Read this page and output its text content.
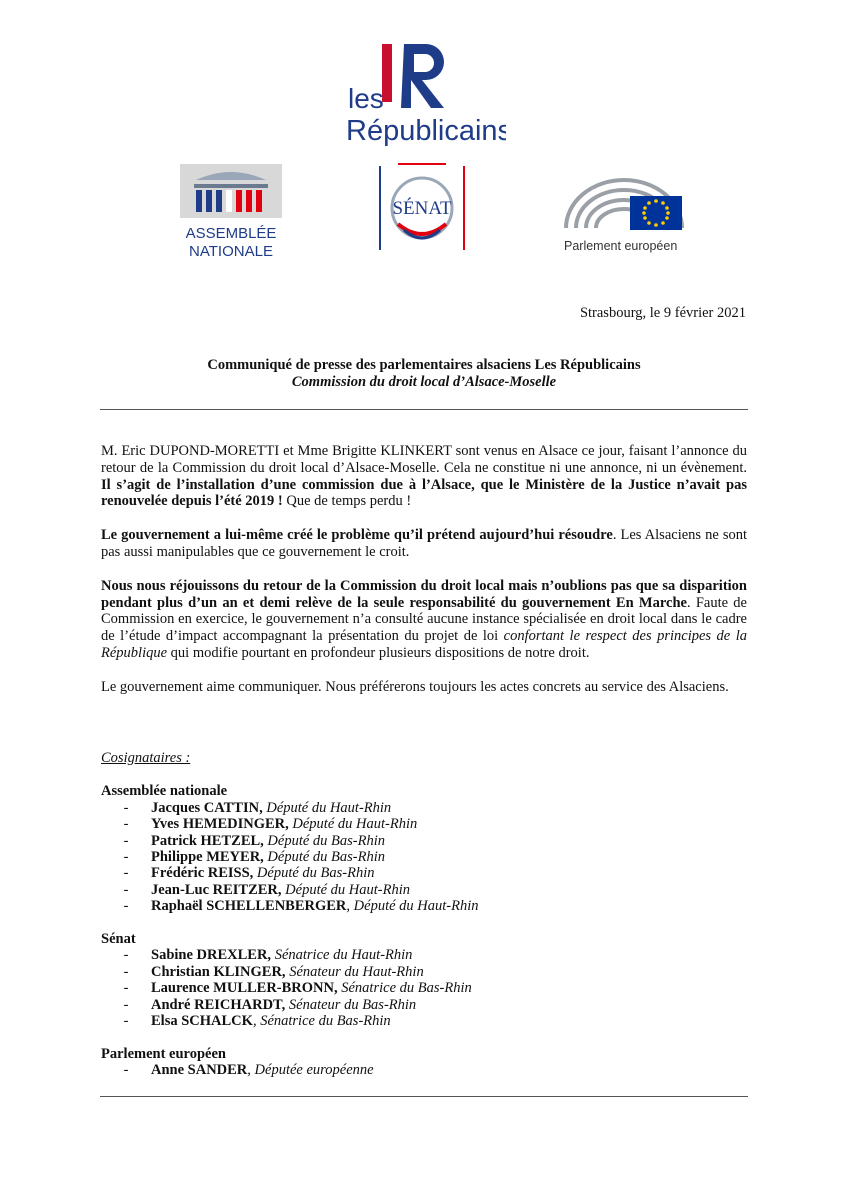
les
Républicains
ASSEMBLÉE
NATIONALE
SÉNAT
Parlement européen
Strasbourg, le 9 février 2021
Communiqué de presse des parlementaires alsaciens Les Républicains
Commission du droit local d’Alsace-Moselle

M. Eric DUPOND-MORETTI et Mme Brigitte KLINKERT sont venus en Alsace ce jour, faisant l’annonce du retour de la Commission du droit local d’Alsace-Moselle. Cela ne constitue ni une annonce, ni un évènement. Il s’agit de l’installation d’une commission due à l’Alsace, que le Ministère de la Justice n’avait pas renouvelée depuis l’été 2019 ! Que de temps perdu !

Le gouvernement a lui-même créé le problème qu’il prétend aujourd’hui résoudre. Les Alsaciens ne sont pas aussi manipulables que ce gouvernement le croit.

Nous nous réjouissons du retour de la Commission du droit local mais n’oublions pas que sa disparition pendant plus d’un an et demi relève de la seule responsabilité du gouvernement En Marche. Faute de Commission en exercice, le gouvernement n’a consulté aucune instance spécialisée en droit local dans le cadre de l’étude d’impact accompagnant la présentation du projet de loi confortant le respect des principes de la République qui modifie pourtant en profondeur plusieurs dispositions de notre droit.

Le gouvernement aime communiquer. Nous préférerons toujours les actes concrets au service des Alsaciens.

Cosignataires :
Assemblée nationale
-	Jacques CATTIN, Député du Haut-Rhin
-	Yves HEMEDINGER, Député du Haut-Rhin
-	Patrick HETZEL, Député du Bas-Rhin
-	Philippe MEYER, Député du Bas-Rhin
-	Frédéric REISS, Député du Bas-Rhin
-	Jean-Luc REITZER, Député du Haut-Rhin
-	Raphaël SCHELLENBERGER, Député du Haut-Rhin
Sénat
-	Sabine DREXLER, Sénatrice du Haut-Rhin
-	Christian KLINGER, Sénateur du Haut-Rhin
-	Laurence MULLER-BRONN, Sénatrice du Bas-Rhin
-	André REICHARDT, Sénateur du Bas-Rhin
-	Elsa SCHALCK, Sénatrice du Bas-Rhin
Parlement européen
-	Anne SANDER, Députée européenne
